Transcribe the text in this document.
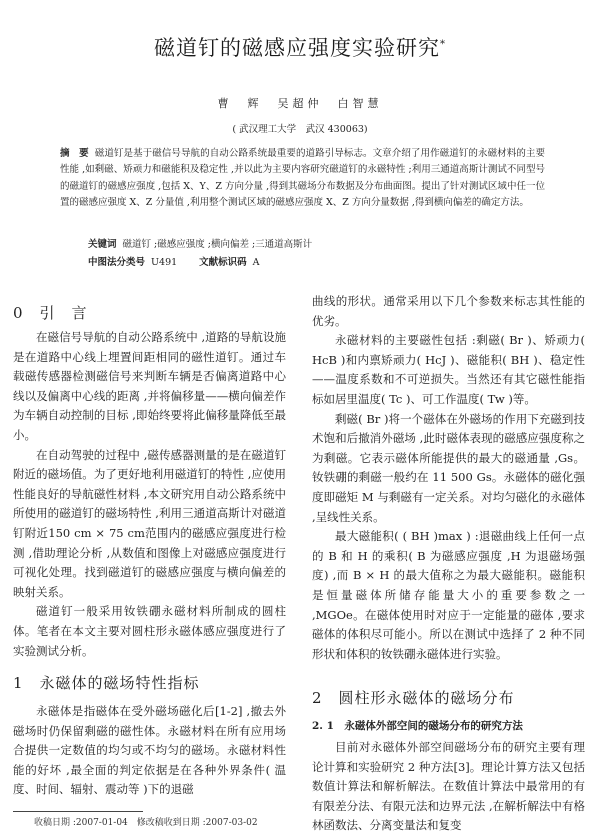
磁道钉的磁感应强度实验研究*
曹　辉　吴超仲　白智慧
( 武汉理工大学　武汉 430063)
摘　要 磁道钉是基于磁信号导航的自动公路系统最重要的道路引导标志。文章介绍了用作磁道钉的永磁材料的主要性能 ,如剩磁、矫顽力和磁能积及稳定性 ,并以此为主要内容研究磁道钉的永磁特性 ;利用三通道高斯计测试不同型号的磁道钉的磁感应强度 ,包括 X、Y、Z 方向分量 ,得到其磁场分布数据及分布曲面图。提出了针对测试区域中任一位置的磁感应强度 X、Z 分量值 ,利用整个测试区域的磁感应强度 X、Z 方向分量数据 ,得到横向偏差的确定方法。
关键词 磁道钉 ;磁感应强度 ;横向偏差 ;三通道高斯计
中图法分类号 U491 文献标识码 A
0　引　言

在磁信号导航的自动公路系统中 ,道路的导航设施是在道路中心线上埋置间距相同的磁性道钉。通过车载磁传感器检测磁信号来判断车辆是否偏离道路中心线以及偏离中心线的距离 ,并将偏移量——横向偏差作为车辆自动控制的目标 ,即始终要将此偏移量降低至最小。

在自动驾驶的过程中 ,磁传感器测量的是在磁道钉附近的磁场值。为了更好地利用磁道钉的特性 ,应使用性能良好的导航磁性材料 ,本文研究用自动公路系统中所使用的磁道钉的磁场特性 ,利用三通道高斯计对磁道钉附近150 cm × 75 cm范围内的磁感应强度进行检测 ,借助理论分析 ,从数值和图像上对磁感应强度进行可视化处理。找到磁道钉的磁感应强度与横向偏差的映射关系。

磁道钉一般采用钕铁硼永磁材料所制成的圆柱体。笔者在本文主要对圆柱形永磁体感应强度进行了实验测试分析。

1　永磁体的磁场特性指标

永磁体是指磁体在受外磁场磁化后[1-2] ,撤去外磁场时仍保留剩磁的磁性体。永磁材料在所有应用场合提供一定数值的均匀或不均匀的磁场。永磁材料性能的好坏 ,最全面的判定依据是在各种外界条件( 温度、时间、辐射、震动等 )下的退磁

收稿日期 :2007-01-04　修改稿收到日期 :2007-03-02

曲线的形状。通常采用以下几个参数来标志其性能的优劣。

永磁材料的主要磁性包括 :剩磁( Br )、矫顽力( HcB )和内禀矫顽力( HcJ )、磁能积( BH )、稳定性——温度系数和不可逆损失。当然还有其它磁性能指标如居里温度( Tc )、可工作温度( Tw )等。

剩磁( Br )将一个磁体在外磁场的作用下充磁到技术饱和后撤消外磁场 ,此时磁体表现的磁感应强度称之为剩磁。它表示磁体所能提供的最大的磁通量 ,Gs。钕铁硼的剩磁一般约在 11 500 Gs。永磁体的磁化强度即磁矩 M 与剩磁有一定关系。对均匀磁化的永磁体 ,呈线性关系。

最大磁能积( ( BH )max ) :退磁曲线上任何一点的 B 和 H 的乘积( B 为磁感应强度 ,H 为退磁场强度) ,而 B × H 的最大值称之为最大磁能积。磁能积是恒量磁体所储存能量大小的重要参数之一 ,MGOe。在磁体使用时对应于一定能量的磁体 ,要求磁体的体积尽可能小。所以在测试中选择了 2 种不同形状和体积的钕铁硼永磁体进行实验。

2　圆柱形永磁体的磁场分布
2. 1　永磁体外部空间的磁场分布的研究方法

目前对永磁体外部空间磁场分布的研究主要有理论计算和实验研究 2 种方法[3]。理论计算方法又包括数值计算法和解析解法。在数值计算法中最常用的有有限差分法、有限元法和边界元法 ,在解析解法中有格林函数法、分离变量法和复变
